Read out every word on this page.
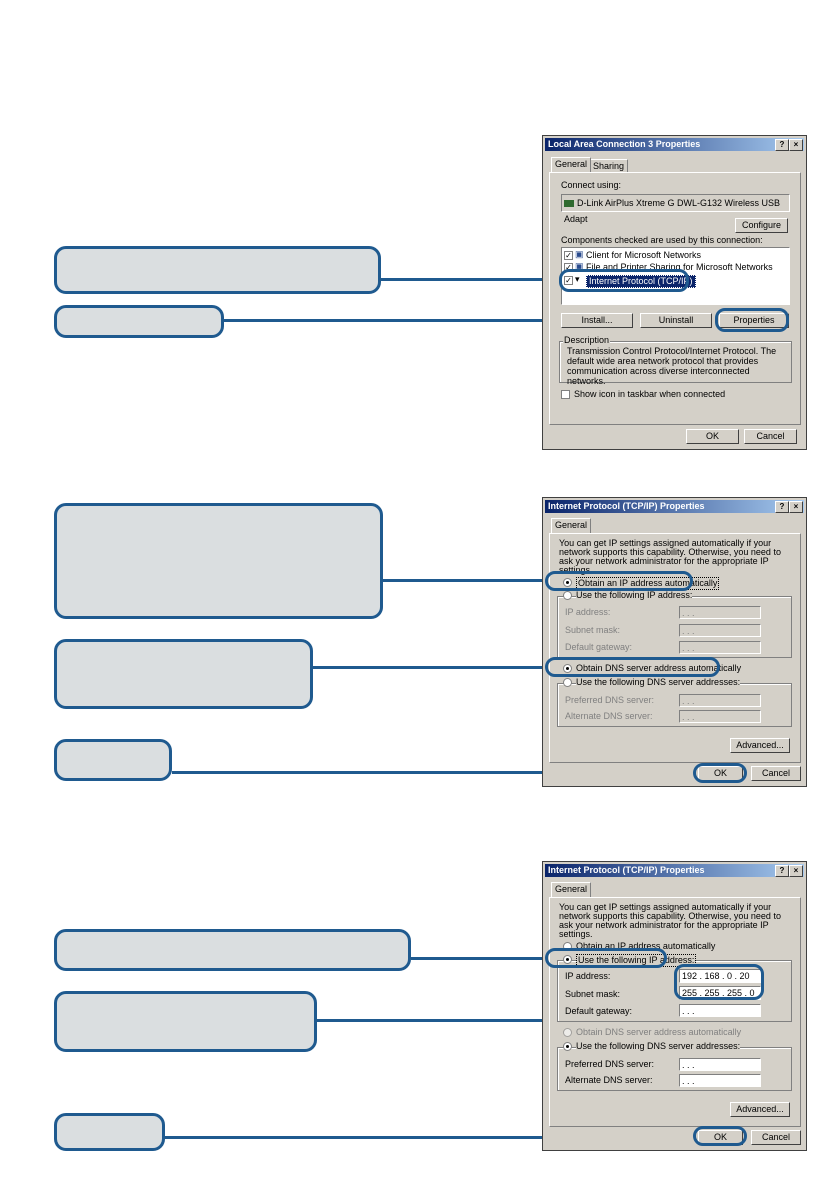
Local Area Connection 3 Properties	?	×
General Sharing
Connect using:
D-Link AirPlus Xtreme G DWL-G132 Wireless USB Adapt
Configure
Components checked are used by this connection:
✓ ▣ Client for Microsoft Networks
✓ ▣ File and Printer Sharing for Microsoft Networks
✓ ▾	Internet Protocol (TCP/IP)
Install...	Uninstall	Properties
Description
Transmission Control Protocol/Internet Protocol. The default wide area network protocol that provides communication across diverse interconnected networks.
Show icon in taskbar when connected
OK	Cancel
Internet Protocol (TCP/IP) Properties	?	×
General
You can get IP settings assigned automatically if your network supports this capability. Otherwise, you need to ask your network administrator for the appropriate IP settings.
Obtain an IP address automatically
Use the following IP address:
IP address:	. . .
Subnet mask:	. . .
Default gateway:	. . .
Obtain DNS server address automatically
Use the following DNS server addresses:
Preferred DNS server:	. . .
Alternate DNS server:	. . .
Advanced...
OK	Cancel
Internet Protocol (TCP/IP) Properties	?	×
General
You can get IP settings assigned automatically if your network supports this capability. Otherwise, you need to ask your network administrator for the appropriate IP settings.
Obtain an IP address automatically
Use the following IP address:
IP address:	192 . 168 . 0 . 20
Subnet mask:	255 . 255 . 255 . 0
Default gateway:	. . .
Obtain DNS server address automatically
Use the following DNS server addresses:
Preferred DNS server:	. . .
Alternate DNS server:	. . .
Advanced...
OK	Cancel
